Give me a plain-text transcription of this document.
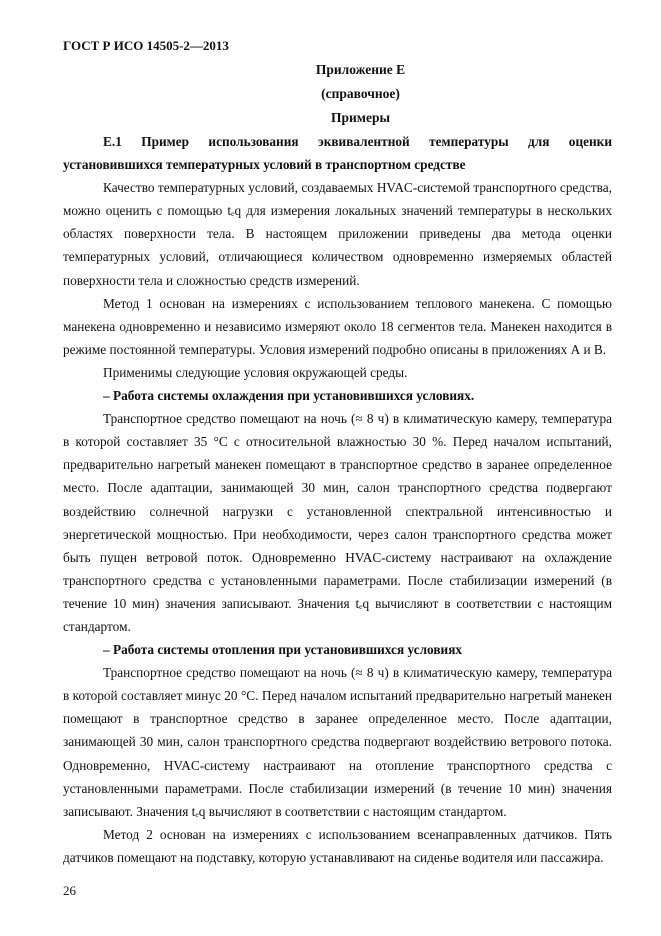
ГОСТ Р ИСО 14505-2—2013
Приложение Е
(справочное)
Примеры

Е.1 Пример использования эквивалентной температуры для оценки установившихся температурных условий в транспортном средстве

Качество температурных условий, создаваемых HVAC-системой транспортного средства, можно оценить с помощью tₑq для измерения локальных значений температуры в нескольких областях поверхности тела. В настоящем приложении приведены два метода оценки температурных условий, отличающиеся количеством одновременно измеряемых областей поверхности тела и сложностью средств измерений.

Метод 1 основан на измерениях с использованием теплового манекена. С помощью манекена одновременно и независимо измеряют около 18 сегментов тела. Манекен находится в режиме постоянной температуры. Условия измерений подробно описаны в приложениях А и В.

Применимы следующие условия окружающей среды.

– Работа системы охлаждения при установившихся условиях.

Транспортное средство помещают на ночь (≈ 8 ч) в климатическую камеру, температура в которой составляет 35 °С с относительной влажностью 30 %. Перед началом испытаний, предварительно нагретый манекен помещают в транспортное средство в заранее определенное место. После адаптации, занимающей 30 мин, салон транспортного средства подвергают воздействию солнечной нагрузки с установленной спектральной интенсивностью и энергетической мощностью. При необходимости, через салон транспортного средства может быть пущен ветровой поток. Одновременно HVAC-систему настраивают на охлаждение транспортного средства с установленными параметрами. После стабилизации измерений (в течение 10 мин) значения записывают. Значения tₑq вычисляют в соответствии с настоящим стандартом.

– Работа системы отопления при установившихся условиях

Транспортное средство помещают на ночь (≈ 8 ч) в климатическую камеру, температура в которой составляет минус 20 °С. Перед началом испытаний предварительно нагретый манекен помещают в транспортное средство в заранее определенное место. После адаптации, занимающей 30 мин, салон транспортного средства подвергают воздействию ветрового потока. Одновременно, HVAC-систему настраивают на отопление транспортного средства с установленными параметрами. После стабилизации измерений (в течение 10 мин) значения записывают. Значения tₑq вычисляют в соответствии с настоящим стандартом.

Метод 2 основан на измерениях с использованием всенаправленных датчиков. Пять датчиков помещают на подставку, которую устанавливают на сиденье водителя или пассажира.

26
